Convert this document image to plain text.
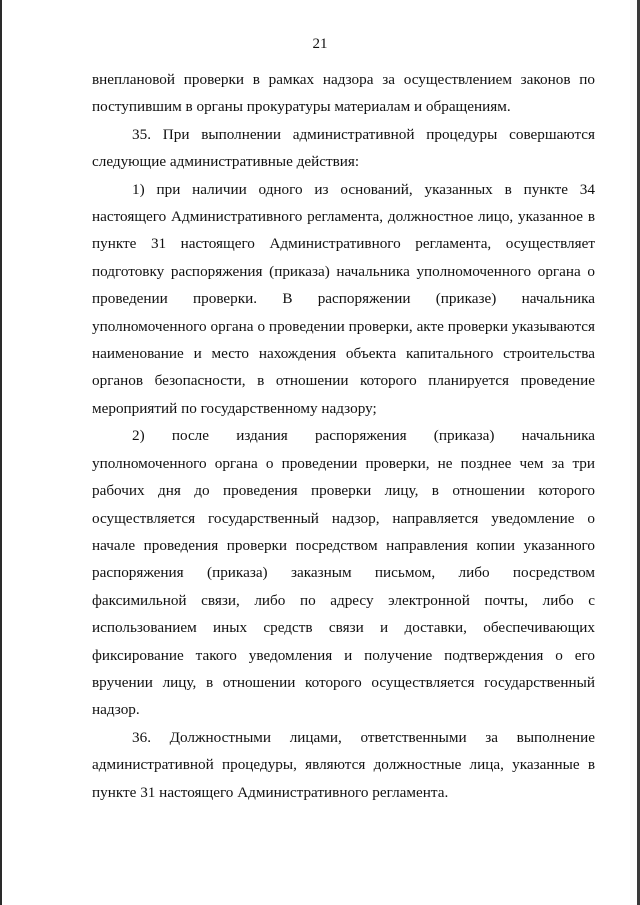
21

внеплановой проверки в рамках надзора за осуществлением законов по поступившим в органы прокуратуры материалам и обращениям.

35. При выполнении административной процедуры совершаются следующие административные действия:

1) при наличии одного из оснований, указанных в пункте 34 настоящего Административного регламента, должностное лицо, указанное в пункте 31 настоящего Административного регламента, осуществляет подготовку распоряжения (приказа) начальника уполномоченного органа о проведении проверки. В распоряжении (приказе) начальника уполномоченного органа о проведении проверки, акте проверки указываются наименование и место нахождения объекта капитального строительства органов безопасности, в отношении которого планируется проведение мероприятий по государственному надзору;

2) после издания распоряжения (приказа) начальника уполномоченного органа о проведении проверки, не позднее чем за три рабочих дня до проведения проверки лицу, в отношении которого осуществляется государственный надзор, направляется уведомление о начале проведения проверки посредством направления копии указанного распоряжения (приказа) заказным письмом, либо посредством факсимильной связи, либо по адресу электронной почты, либо с использованием иных средств связи и доставки, обеспечивающих фиксирование такого уведомления и получение подтверждения о его вручении лицу, в отношении которого осуществляется государственный надзор.

36. Должностными лицами, ответственными за выполнение административной процедуры, являются должностные лица, указанные в пункте 31 настоящего Административного регламента.
